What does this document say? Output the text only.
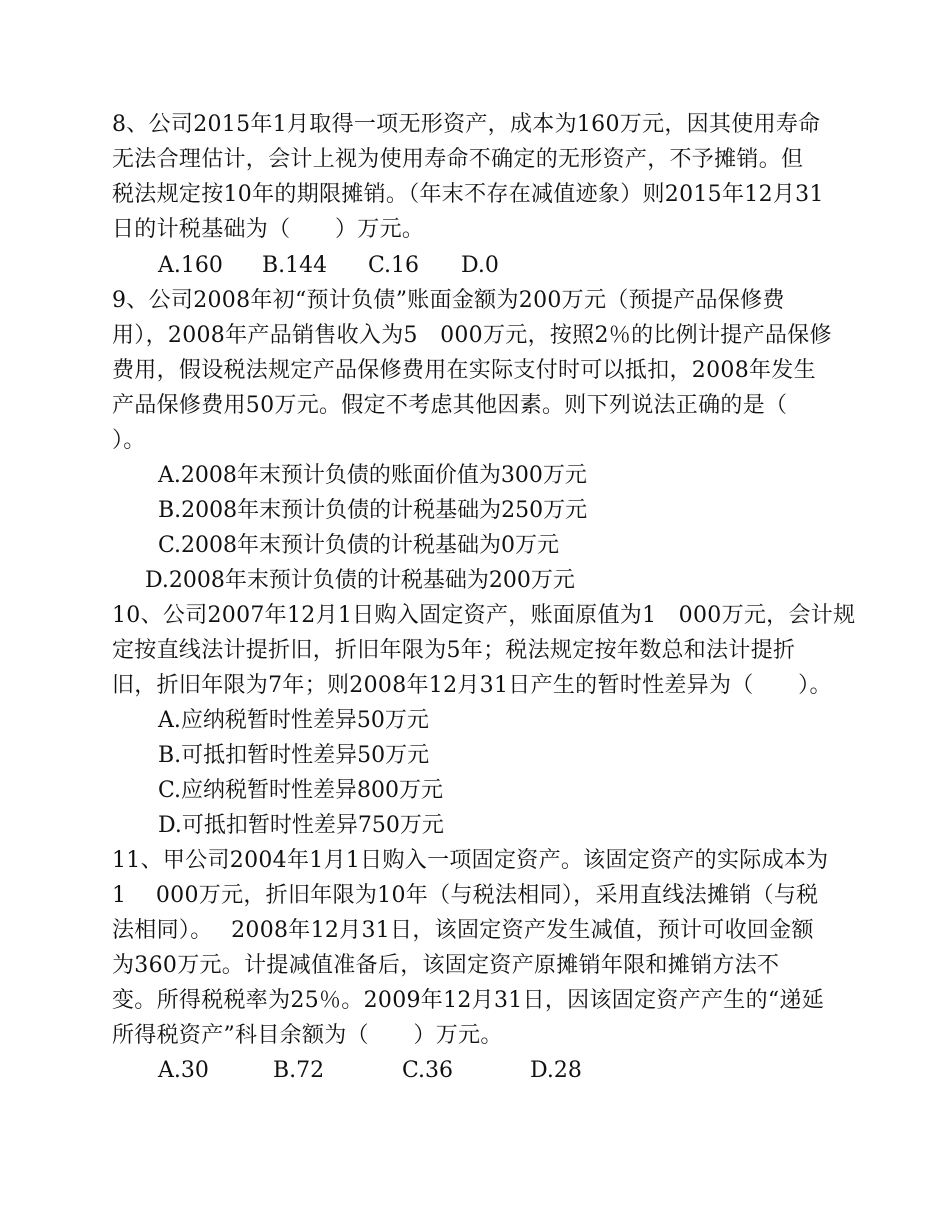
8、公司2015年1月取得一项无形资产，成本为160万元，因其使用寿命
无法合理估计，会计上视为使用寿命不确定的无形资产，不予摊销。但
税法规定按10年的期限摊销。（年末不存在减值迹象）则2015年12月31
日的计税基础为（　　）万元。
A.160 B.144 C.16 D.0
9、公司2008年初“预计负债”账面金额为200万元（预提产品保修费
用），2008年产品销售收入为5　000万元，按照2％的比例计提产品保修
费用，假设税法规定产品保修费用在实际支付时可以抵扣，2008年发生
产品保修费用50万元。假定不考虑其他因素。则下列说法正确的是（
）。
A.2008年末预计负债的账面价值为300万元
B.2008年末预计负债的计税基础为250万元
C.2008年末预计负债的计税基础为0万元
D.2008年末预计负债的计税基础为200万元
10、公司2007年12月1日购入固定资产，账面原值为1　000万元，会计规
定按直线法计提折旧，折旧年限为5年；税法规定按年数总和法计提折
旧，折旧年限为7年；则2008年12月31日产生的暂时性差异为（　　）。
A.应纳税暂时性差异50万元
B.可抵扣暂时性差异50万元
C.应纳税暂时性差异800万元
D.可抵扣暂时性差异750万元
11、甲公司2004年1月1日购入一项固定资产。该固定资产的实际成本为
1　 000万元，折旧年限为10年（与税法相同），采用直线法摊销（与税
法相同）。　 2008年12月31日，该固定资产发生减值，预计可收回金额
为360万元。计提减值准备后，该固定资产原摊销年限和摊销方法不
变。所得税税率为25％。2009年12月31日，因该固定资产产生的“递延
所得税资产”科目余额为（　　）万元。
A.30	B.72	C.36	D.28
